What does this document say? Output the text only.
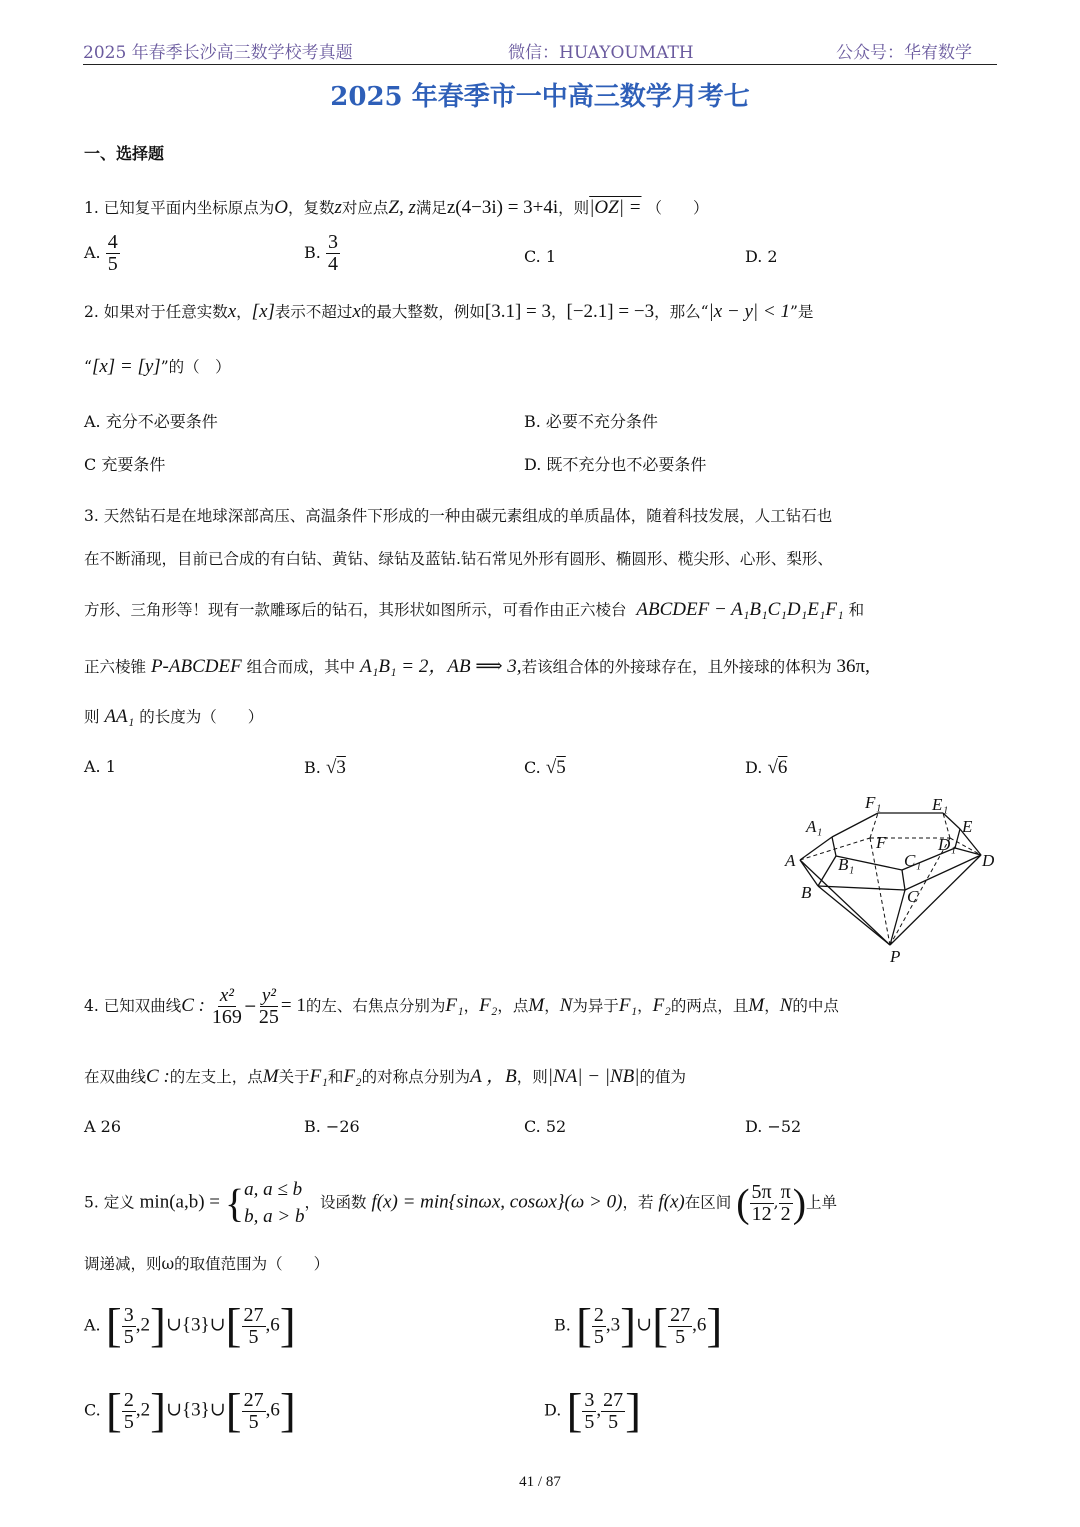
2025 年春季长沙高三数学校考真题	微信：HUAYOUMATH	公众号：华宥数学
2025 年春季市一中高三数学月考七
一、选择题
1. 已知复平面内坐标原点为O，复数z对应点Z, z满足z(4−3i) = 3+4i，则|OZ| = （　　）
A. $\frac{4}{5}$	B. $\frac{3}{4}$	C. 1	D. 2
2. 如果对于任意实数x，[x]表示不超过x的最大整数，例如[3.1] = 3，[−2.1] = −3，那么“|x − y| < 1”是
“[x] = [y]”的（　）
A. 充分不必要条件	B. 必要不充分条件
C 充要条件	D. 既不充分也不必要条件
3. 天然钻石是在地球深部高压、高温条件下形成的一种由碳元素组成的单质晶体，随着科技发展，人工钻石也
在不断涌现，目前已合成的有白钻、黄钻、绿钻及蓝钻.钻石常见外形有圆形、椭圆形、榄尖形、心形、梨形、
方形、三角形等！现有一款雕琢后的钻石，其形状如图所示，可看作由正六棱台 ABCDEF − A₁B₁C₁D₁E₁F₁ 和
正六棱锥 P-ABCDEF 组合而成，其中 A₁B₁ = 2，AB ⟹ 3,若该组合体的外接球存在，且外接球的体积为 36π,
则 AA₁ 的长度为（　　）
A. 1	B. √3	C. √5	D. √6
F₁	E₁
A₁	E
F	D₁
A	B₁	C₁	D
B	C
P
4. 已知双曲线C : $\frac{\text{x²}}{169} - \frac{\text{y²}}{25} = 1$的左、右焦点分别为F₁，F₂，点M，N为异于F₁，F₂的两点，且M，N的中点
在双曲线C :的左支上，点M关于F₁和F₂的对称点分别为A ，B，则|NA| − |NB|的值为
A 26	B. −26	C. 52	D. −52
5. 定义 min(a,b) = { a, a ≤ b
b, a > b
，设函数 f(x) = min{sinωx, cosωx}(ω > 0)，若 f(x)在区间 ( $\frac{5\pi}{12}$ , $\frac{\pi}{2}$ )上单
调递减，则ω的取值范围为（　　）
A. [ $\frac{3}{5}$ ,2]∪{3}∪[ $\frac{27}{5} ,6$]	B. [ $\frac{2}{5}$ ,3]∪[ $\frac{27}{5} ,6$]
C. [ $\frac{2}{5}$ ,2]∪{3}∪[ $\frac{27}{5} ,6$]	D. [ $\frac{3}{5}$ , $\frac{27}{5}$ ]
41 / 87
